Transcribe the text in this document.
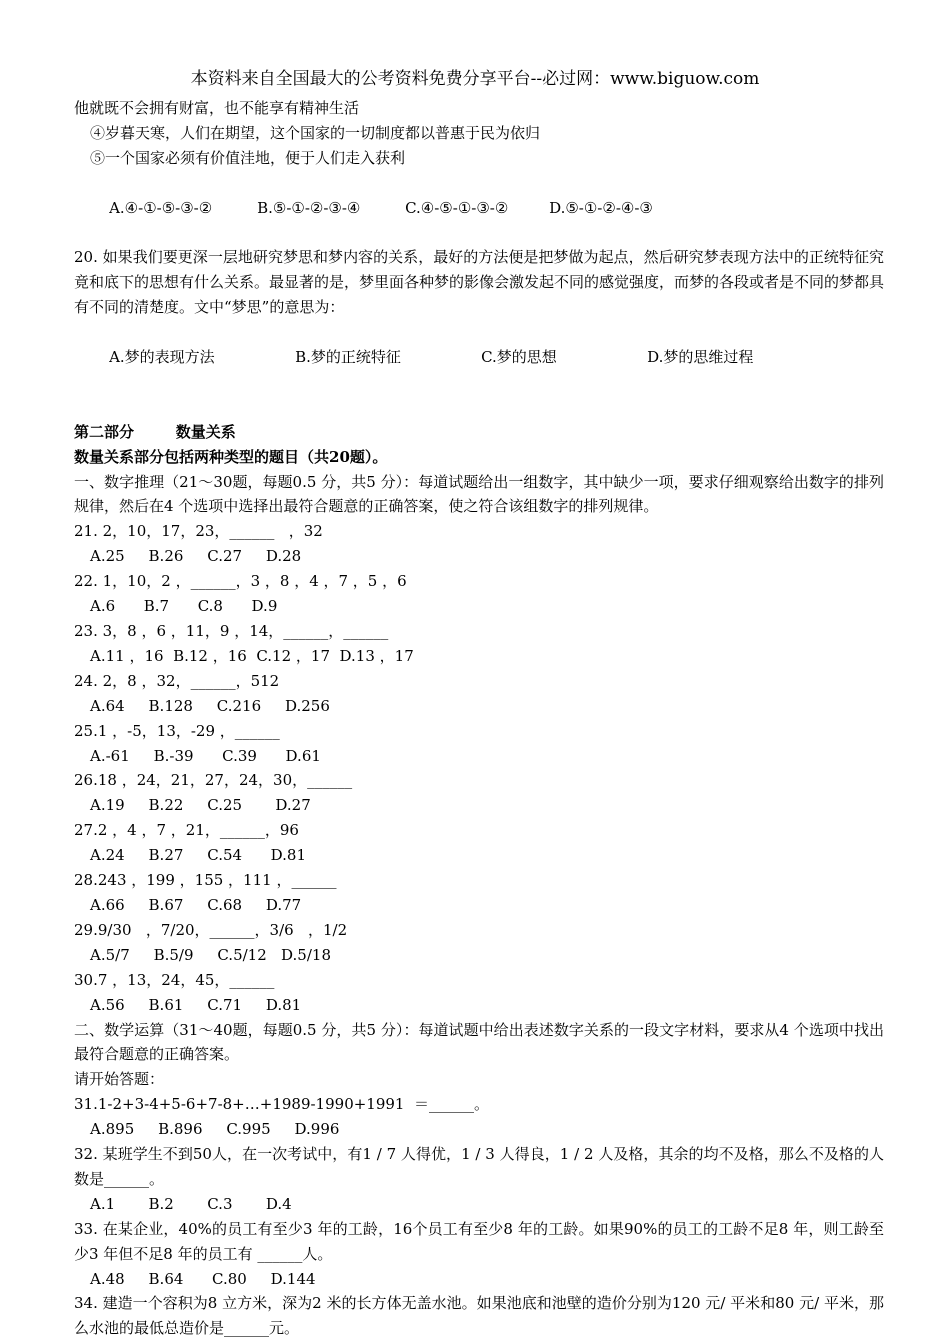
本资料来自全国最大的公考资料免费分享平台--必过网：www.biguow.com
他就既不会拥有财富，也不能享有精神生活
④岁暮天寒，人们在期望，这个国家的一切制度都以普惠于民为依归
⑤一个国家必须有价值洼地，便于人们走入获利

A.④-①-⑤-③-②	B.⑤-①-②-③-④	C.④-⑤-①-③-②	D.⑤-①-②-④-③

20. 如果我们要更深一层地研究梦思和梦内容的关系，最好的方法便是把梦做为起点，然后研究梦表现方法中的正统特征究竟和底下的思想有什么关系。最显著的是，梦里面各种梦的影像会激发起不同的感觉强度，而梦的各段或者是不同的梦都具有不同的清楚度。文中“梦思”的意思为：

A.梦的表现方法	B.梦的正统特征	C.梦的思想	D.梦的思维过程

第二部分        数量关系
数量关系部分包括两种类型的题目（共20题）。
一、数字推理（21～30题，每题0.5 分，共5 分）：每道试题给出一组数字，其中缺少一项，要求仔细观察给出数字的排列规律，然后在4 个选项中选择出最符合题意的正确答案，使之符合该组数字的排列规律。
21. 2，10，17，23，______   ，32
A.25     B.26     C.27     D.28
22. 1，10，2 ，______，3 ，8 ，4 ，7 ，5 ，6
A.6      B.7      C.8      D.9
23. 3，8 ，6 ，11，9 ，14，______，______
A.11 ，16  B.12 ，16  C.12 ，17  D.13 ，17
24. 2，8 ，32，______，512
A.64     B.128     C.216     D.256
25.1 ，-5，13，-29 ，______
A.-61     B.-39      C.39      D.61
26.18 ，24，21，27，24，30，______
A.19     B.22     C.25       D.27
27.2 ，4 ，7 ，21，______，96
A.24     B.27     C.54      D.81
28.243 ，199 ，155 ，111 ，______
A.66     B.67     C.68     D.77
29.9/30   ，7/20，______，3/6   ，1/2
A.5/7     B.5/9     C.5/12   D.5/18
30.7 ，13，24，45，______
A.56     B.61     C.71     D.81
二、数学运算（31～40题，每题0.5 分，共5 分）：每道试题中给出表述数字关系的一段文字材料，要求从4 个选项中找出最符合题意的正确答案。
请开始答题：
31.1-2+3-4+5-6+7-8+…+1989-1990+1991  ＝______。
A.895     B.896     C.995     D.996
32. 某班学生不到50人，在一次考试中，有1 / 7 人得优，1 / 3 人得良，1 / 2 人及格，其余的均不及格，那么不及格的人数是______。
A.1       B.2       C.3       D.4
33. 在某企业，40%的员工有至少3 年的工龄，16个员工有至少8 年的工龄。如果90%的员工的工龄不足8 年，则工龄至少3 年但不足8 年的员工有 ______人。
A.48     B.64      C.80     D.144
34. 建造一个容积为8 立方米，深为2 米的长方体无盖水池。如果池底和池壁的造价分别为120 元/ 平米和80 元/ 平米，那么水池的最低总造价是______元。
